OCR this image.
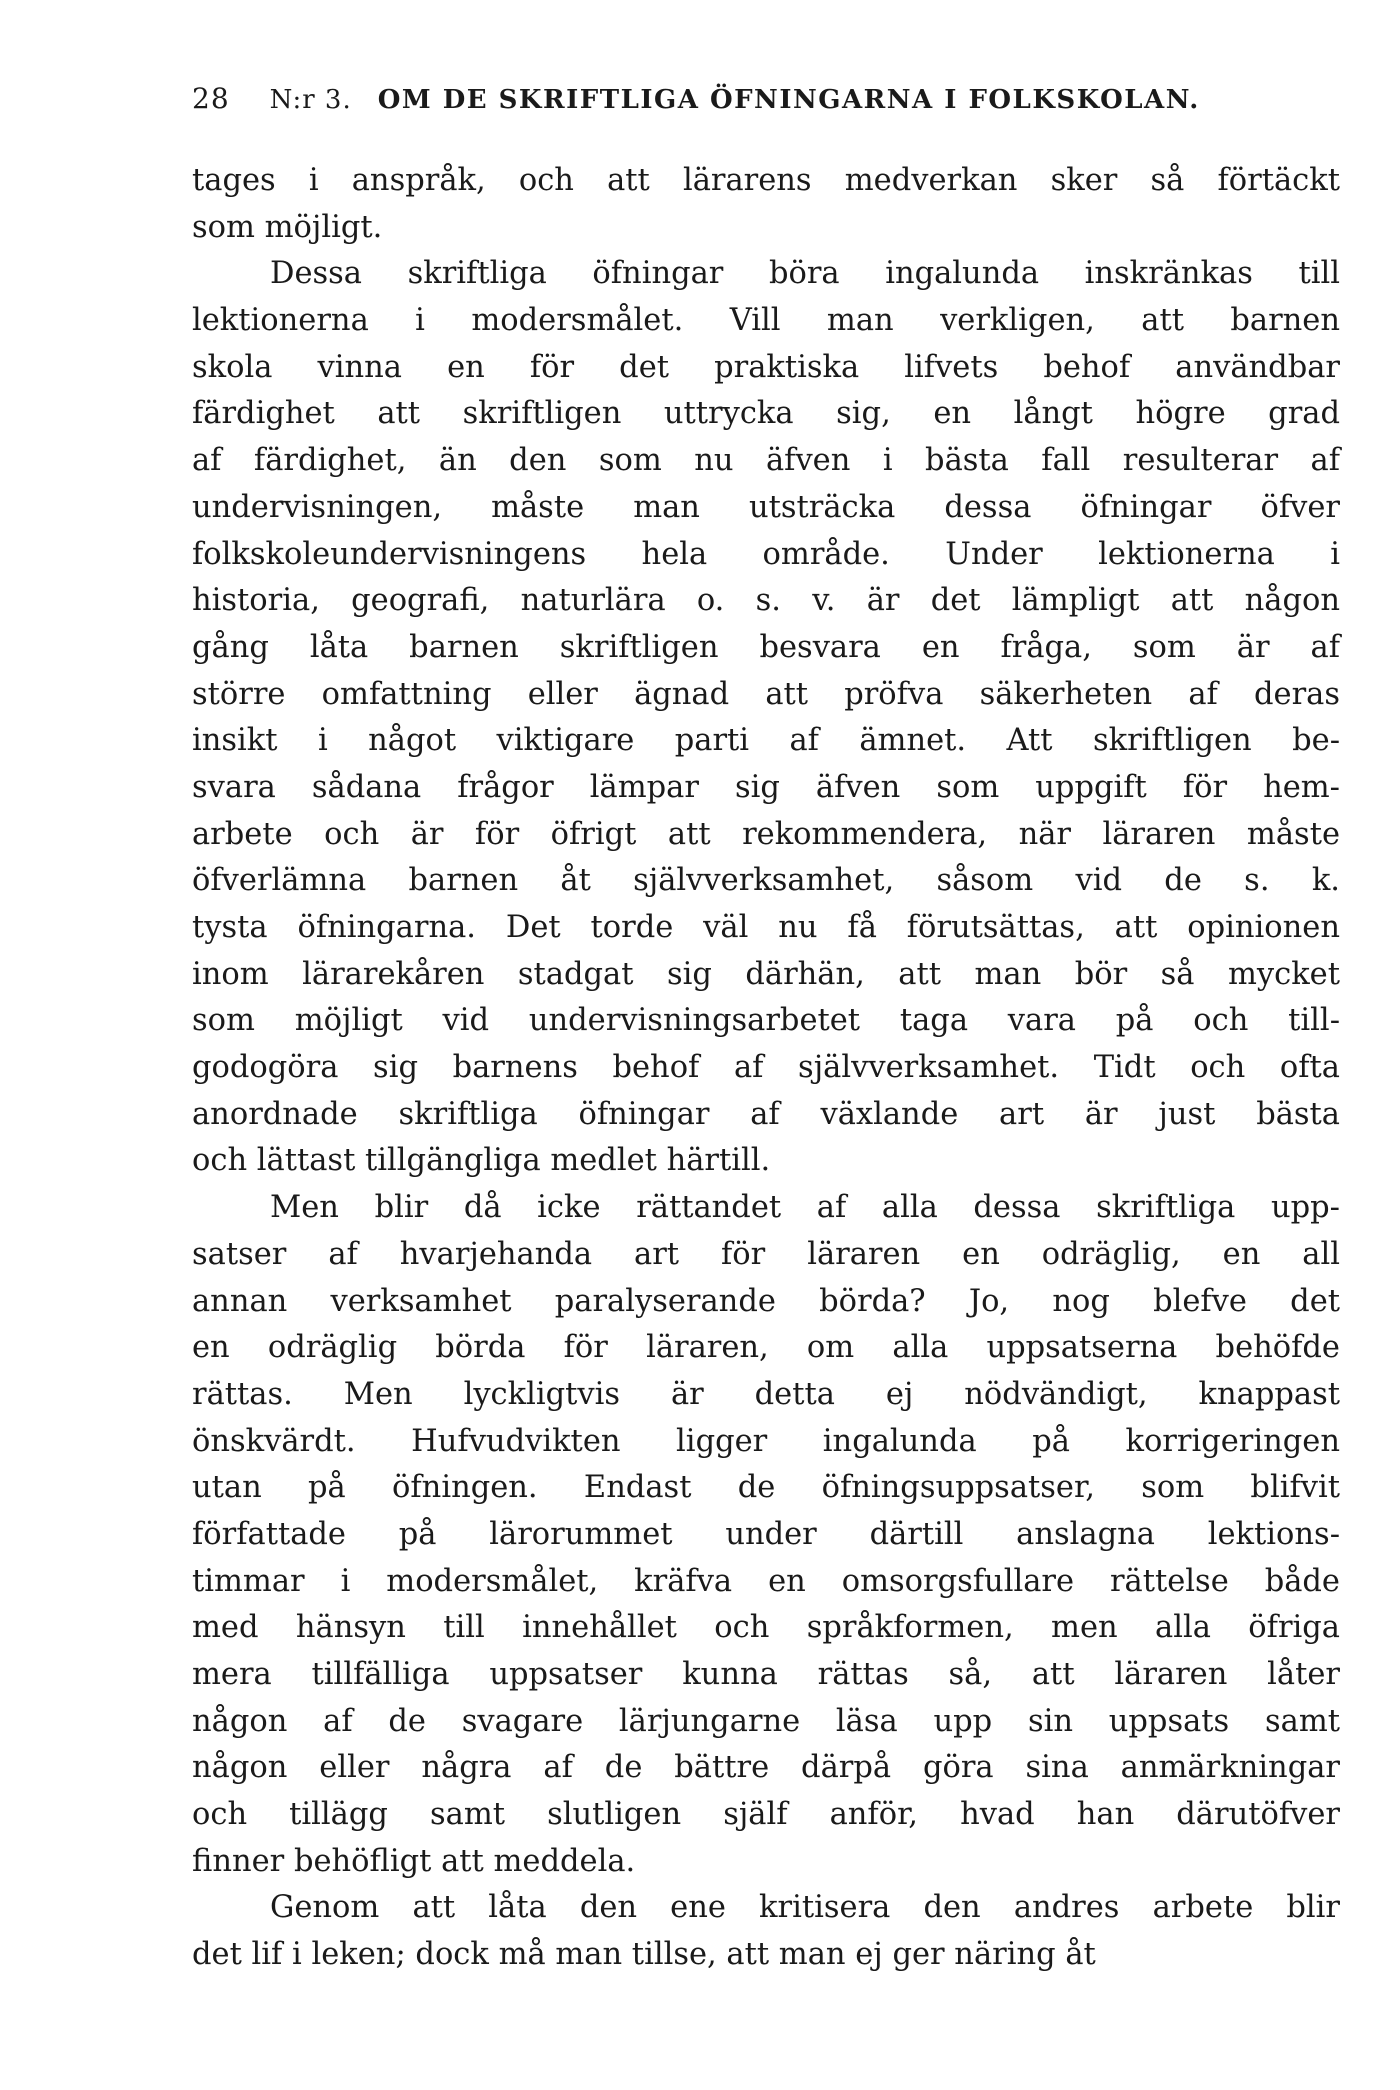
28 N:r 3. OM DE SKRIFTLIGA ÖFNINGARNA I FOLKSKOLAN.
tages i anspråk, och att lärarens medverkan sker så förtäckt
som möjligt.
Dessa skriftliga öfningar böra ingalunda inskränkas till
lektionerna i modersmålet. Vill man verkligen, att barnen
skola vinna en för det praktiska lifvets behof användbar
färdighet att skriftligen uttrycka sig, en långt högre grad
af färdighet, än den som nu äfven i bästa fall resulterar af
undervisningen, måste man utsträcka dessa öfningar öfver
folkskoleundervisningens hela område. Under lektionerna i
historia, geografi, naturlära o. s. v. är det lämpligt att någon
gång låta barnen skriftligen besvara en fråga, som är af
större omfattning eller ägnad att pröfva säkerheten af deras
insikt i något viktigare parti af ämnet. Att skriftligen be-
svara sådana frågor lämpar sig äfven som uppgift för hem-
arbete och är för öfrigt att rekommendera, när läraren måste
öfverlämna barnen åt självverksamhet, såsom vid de s. k.
tysta öfningarna. Det torde väl nu få förutsättas, att opinionen
inom lärarekåren stadgat sig därhän, att man bör så mycket
som möjligt vid undervisningsarbetet taga vara på och till-
godogöra sig barnens behof af självverksamhet. Tidt och ofta
anordnade skriftliga öfningar af växlande art är just bästa
och lättast tillgängliga medlet härtill.
Men blir då icke rättandet af alla dessa skriftliga upp-
satser af hvarjehanda art för läraren en odräglig, en all
annan verksamhet paralyserande börda? Jo, nog blefve det
en odräglig börda för läraren, om alla uppsatserna behöfde
rättas. Men lyckligtvis är detta ej nödvändigt, knappast
önskvärdt. Hufvudvikten ligger ingalunda på korrigeringen
utan på öfningen. Endast de öfningsuppsatser, som blifvit
författade på lärorummet under därtill anslagna lektions-
timmar i modersmålet, kräfva en omsorgsfullare rättelse både
med hänsyn till innehållet och språkformen, men alla öfriga
mera tillfälliga uppsatser kunna rättas så, att läraren låter
någon af de svagare lärjungarne läsa upp sin uppsats samt
någon eller några af de bättre därpå göra sina anmärkningar
och tillägg samt slutligen själf anför, hvad han därutöfver
finner behöfligt att meddela.
Genom att låta den ene kritisera den andres arbete blir
det lif i leken; dock må man tillse, att man ej ger näring åt
